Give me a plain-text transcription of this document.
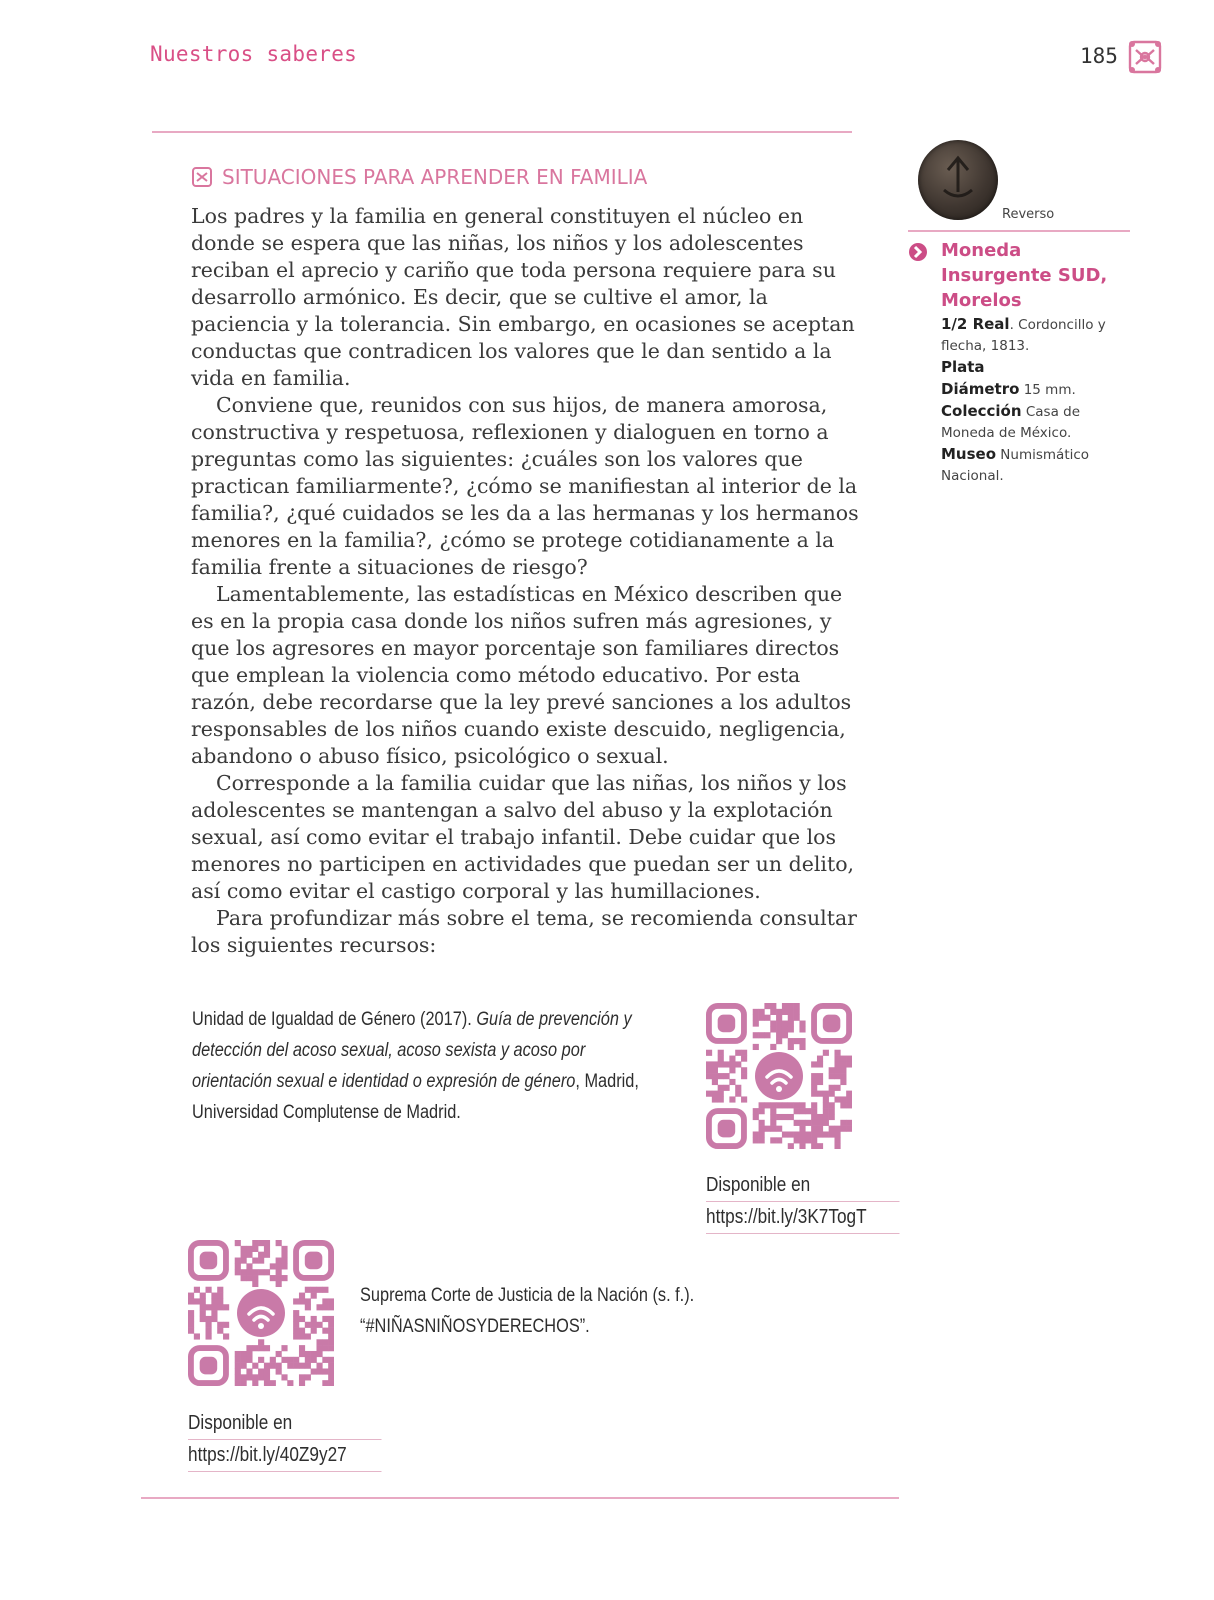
Nuestros saberes	185
SITUACIONES PARA APRENDER EN FAMILIA

Los padres y la familia en general constituyen el núcleo en donde se espera que las niñas, los niños y los adolescentes reciban el aprecio y cariño que toda persona requiere para su desarrollo armónico. Es decir, que se cultive el amor, la paciencia y la tolerancia. Sin embargo, en ocasiones se aceptan conductas que contradicen los valores que le dan sentido a la vida en familia.

Conviene que, reunidos con sus hijos, de manera amorosa, constructiva y respetuosa, reflexionen y dialoguen en torno a preguntas como las siguientes: ¿cuáles son los valores que practican familiarmente?, ¿cómo se manifiestan al interior de la familia?, ¿qué cuidados se les da a las hermanas y los hermanos menores en la familia?, ¿cómo se protege cotidianamente a la familia frente a situaciones de riesgo?

Lamentablemente, las estadísticas en México describen que es en la propia casa donde los niños sufren más agresiones, y que los agresores en mayor porcentaje son familiares directos que emplean la violencia como método educativo. Por esta razón, debe recordarse que la ley prevé sanciones a los adultos responsables de los niños cuando existe descuido, negligencia, abandono o abuso físico, psicológico o sexual.

Corresponde a la familia cuidar que las niñas, los niños y los adolescentes se mantengan a salvo del abuso y la explotación sexual, así como evitar el trabajo infantil. Debe cuidar que los menores no participen en actividades que puedan ser un delito, así como evitar el castigo corporal y las humillaciones.

Para profundizar más sobre el tema, se recomienda consultar los siguientes recursos:

Reverso
Moneda Insurgente SUD, Morelos
1/2 Real. Cordoncillo y flecha, 1813.
Plata
Diámetro 15 mm.
Colección Casa de Moneda de México.
Museo Numismático Nacional.
Unidad de Igualdad de Género (2017). Guía de prevención y detección del acoso sexual, acoso sexista y acoso por orientación sexual e identidad o expresión de género, Madrid, Universidad Complutense de Madrid.
Disponible en
https://bit.ly/3K7TogT
Suprema Corte de Justicia de la Nación (s. f.).
“#NIÑASNIÑOSYDERECHOS”.
Disponible en
https://bit.ly/40Z9y27
